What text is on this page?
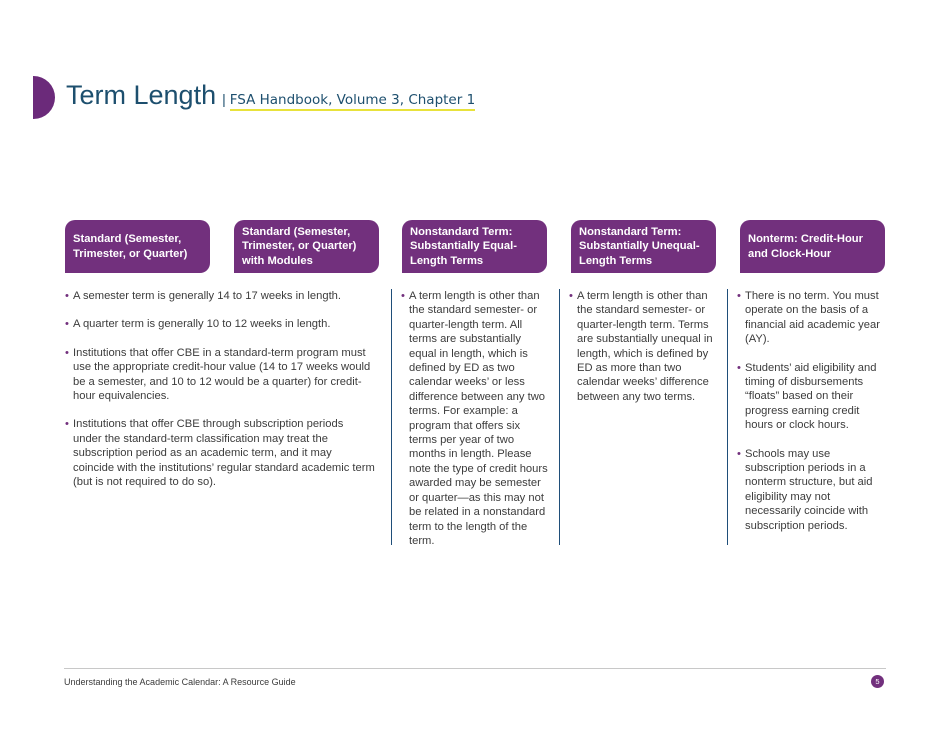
Term Length | FSA Handbook, Volume 3, Chapter 1
Standard (Semester, Trimester, or Quarter)
Standard (Semester, Trimester, or Quarter) with Modules
Nonstandard Term: Substantially Equal-Length Terms
Nonstandard Term: Substantially Unequal-Length Terms
Nonterm: Credit-Hour and Clock-Hour
• A semester term is generally 14 to 17 weeks in length.
• A quarter term is generally 10 to 12 weeks in length.
• Institutions that offer CBE in a standard-term program must use the appropriate credit-hour value (14 to 17 weeks would be a semester, and 10 to 12 would be a quarter) for credit-hour equivalencies.
• Institutions that offer CBE through subscription periods under the standard-term classification may treat the subscription period as an academic term, and it may coincide with the institutions’ regular standard academic term (but is not required to do so).
• A term length is other than the standard semester- or quarter-length term. All terms are substantially equal in length, which is defined by ED as two calendar weeks’ or less difference between any two terms. For example: a program that offers six terms per year of two months in length. Please note the type of credit hours awarded may be semester or quarter—as this may not be related in a nonstandard term to the length of the term.
• A term length is other than the standard semester- or quarter-length term. Terms are substantially unequal in length, which is defined by ED as more than two calendar weeks’ difference between any two terms.
• There is no term. You must operate on the basis of a financial aid academic year (AY).
• Students’ aid eligibility and timing of disbursements “floats” based on their progress earning credit hours or clock hours.
• Schools may use subscription periods in a nonterm structure, but aid eligibility may not necessarily coincide with subscription periods.
Understanding the Academic Calendar: A Resource Guide	5
